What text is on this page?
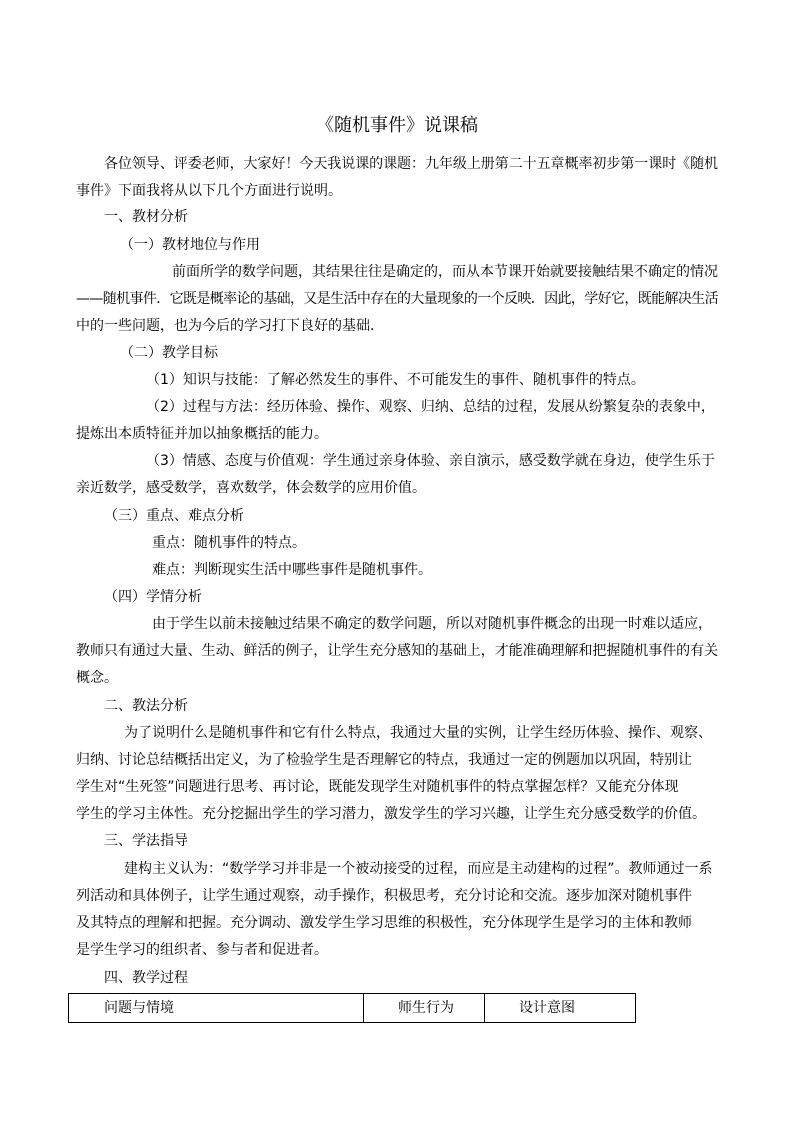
《随机事件》说课稿
各位领导、评委老师，大家好！今天我说课的课题：九年级上册第二十五章概率初步第一课时《随机
事件》下面我将从以下几个方面进行说明。
一、教材分析
（一）教材地位与作用
前面所学的数学问题，其结果往往是确定的，而从本节课开始就要接触结果不确定的情况
——随机事件．它既是概率论的基础，又是生活中存在的大量现象的一个反映．因此，学好它，既能解决生活
中的一些问题，也为今后的学习打下良好的基础．
（二）教学目标
（1）知识与技能：了解必然发生的事件、不可能发生的事件、随机事件的特点。
（2）过程与方法：经历体验、操作、观察、归纳、总结的过程，发展从纷繁复杂的表象中，
提炼出本质特征并加以抽象概括的能力。
（3）情感、态度与价值观：学生通过亲身体验、亲自演示，感受数学就在身边，使学生乐于
亲近数学，感受数学，喜欢数学，体会数学的应用价值。
（三）重点、难点分析
重点：随机事件的特点。
难点：判断现实生活中哪些事件是随机事件。
（四）学情分析
由于学生以前未接触过结果不确定的数学问题，所以对随机事件概念的出现一时难以适应，
教师只有通过大量、生动、鲜活的例子，让学生充分感知的基础上，才能准确理解和把握随机事件的有关
概念。
二、教法分析
为了说明什么是随机事件和它有什么特点，我通过大量的实例，让学生经历体验、操作、观察、
归纳、讨论总结概括出定义，为了检验学生是否理解它的特点，我通过一定的例题加以巩固，特别让
学生对“生死签”问题进行思考、再讨论，既能发现学生对随机事件的特点掌握怎样？又能充分体现
学生的学习主体性。充分挖掘出学生的学习潜力，激发学生的学习兴趣，让学生充分感受数学的价值。
三、学法指导
建构主义认为：“数学学习并非是一个被动接受的过程，而应是主动建构的过程”。教师通过一系
列活动和具体例子，让学生通过观察，动手操作，积极思考，充分讨论和交流。逐步加深对随机事件
及其特点的理解和把握。充分调动、激发学生学习思维的积极性，充分体现学生是学习的主体和教师
是学生学习的组织者、参与者和促进者。
四、教学过程
问题与情境	师生行为	设计意图
